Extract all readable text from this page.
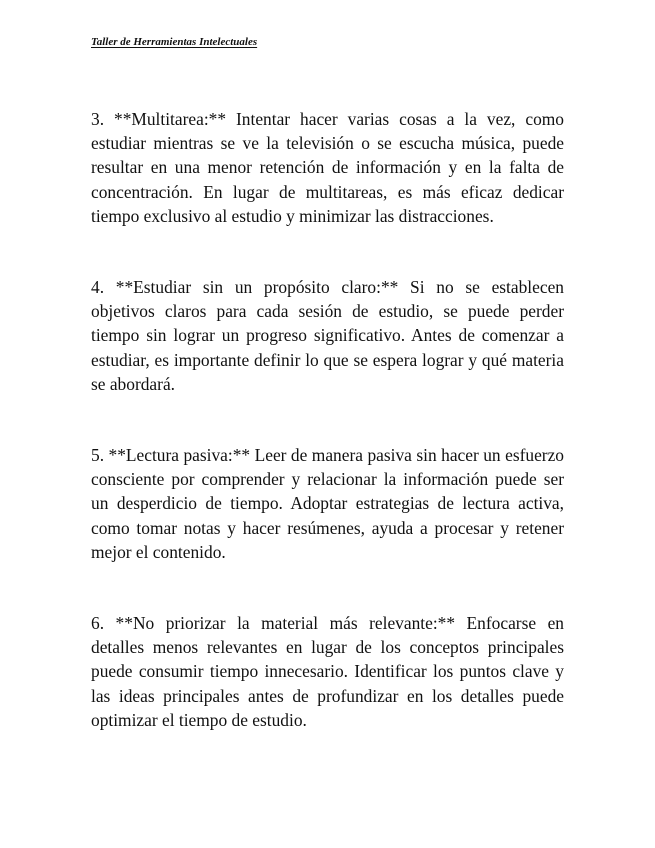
Taller de Herramientas Intelectuales

3. **Multitarea:** Intentar hacer varias cosas a la vez, como estudiar mientras se ve la televisión o se escucha música, puede resultar en una menor retención de información y en la falta de concentración. En lugar de multitareas, es más eficaz dedicar tiempo exclusivo al estudio y minimizar las distracciones.

4. **Estudiar sin un propósito claro:** Si no se establecen objetivos claros para cada sesión de estudio, se puede perder tiempo sin lograr un progreso significativo. Antes de comenzar a estudiar, es importante definir lo que se espera lograr y qué materia se abordará.

5. **Lectura pasiva:** Leer de manera pasiva sin hacer un esfuerzo consciente por comprender y relacionar la información puede ser un desperdicio de tiempo. Adoptar estrategias de lectura activa, como tomar notas y hacer resúmenes, ayuda a procesar y retener mejor el contenido.

6. **No priorizar la material más relevante:** Enfocarse en detalles menos relevantes en lugar de los conceptos principales puede consumir tiempo innecesario. Identificar los puntos clave y las ideas principales antes de profundizar en los detalles puede optimizar el tiempo de estudio.
